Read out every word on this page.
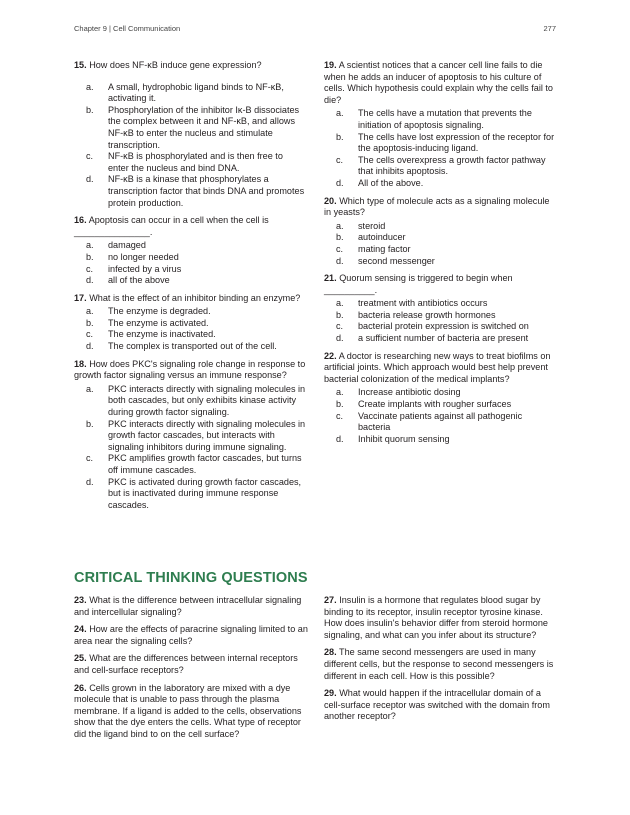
Chapter 9 | Cell Communication	277

15. How does NF-κB induce gene expression?

a.	A small, hydrophobic ligand binds to NF-κB, activating it.
b.	Phosphorylation of the inhibitor Iκ-B dissociates the complex between it and NF-κB, and allows NF-κB to enter the nucleus and stimulate transcription.
c.	NF-κB is phosphorylated and is then free to enter the nucleus and bind DNA.
d.	NF-κB is a kinase that phosphorylates a transcription factor that binds DNA and promotes protein production.

16. Apoptosis can occur in a cell when the cell is _______________.

a.	damaged
b.	no longer needed
c.	infected by a virus
d.	all of the above

17. What is the effect of an inhibitor binding an enzyme?

a.	The enzyme is degraded.
b.	The enzyme is activated.
c.	The enzyme is inactivated.
d.	The complex is transported out of the cell.

18. How does PKC's signaling role change in response to growth factor signaling versus an immune response?

a.	PKC interacts directly with signaling molecules in both cascades, but only exhibits kinase activity during growth factor signaling.
b.	PKC interacts directly with signaling molecules in growth factor cascades, but interacts with signaling inhibitors during immune signaling.
c.	PKC amplifies growth factor cascades, but turns off immune cascades.
d.	PKC is activated during growth factor cascades, but is inactivated during immune response cascades.

19. A scientist notices that a cancer cell line fails to die when he adds an inducer of apoptosis to his culture of cells. Which hypothesis could explain why the cells fail to die?

a.	The cells have a mutation that prevents the initiation of apoptosis signaling.
b.	The cells have lost expression of the receptor for the apoptosis-inducing ligand.
c.	The cells overexpress a growth factor pathway that inhibits apoptosis.
d.	All of the above.

20. Which type of molecule acts as a signaling molecule in yeasts?

a.	steroid
b.	autoinducer
c.	mating factor
d.	second messenger

21. Quorum sensing is triggered to begin when __________.

a.	treatment with antibiotics occurs
b.	bacteria release growth hormones
c.	bacterial protein expression is switched on
d.	a sufficient number of bacteria are present

22. A doctor is researching new ways to treat biofilms on artificial joints. Which approach would best help prevent bacterial colonization of the medical implants?

a.	Increase antibiotic dosing
b.	Create implants with rougher surfaces
c.	Vaccinate patients against all pathogenic bacteria
d.	Inhibit quorum sensing
CRITICAL THINKING QUESTIONS

23. What is the difference between intracellular signaling and intercellular signaling?

24. How are the effects of paracrine signaling limited to an area near the signaling cells?

25. What are the differences between internal receptors and cell-surface receptors?

26. Cells grown in the laboratory are mixed with a dye molecule that is unable to pass through the plasma membrane. If a ligand is added to the cells, observations show that the dye enters the cells. What type of receptor did the ligand bind to on the cell surface?

27. Insulin is a hormone that regulates blood sugar by binding to its receptor, insulin receptor tyrosine kinase. How does insulin's behavior differ from steroid hormone signaling, and what can you infer about its structure?

28. The same second messengers are used in many different cells, but the response to second messengers is different in each cell. How is this possible?

29. What would happen if the intracellular domain of a cell-surface receptor was switched with the domain from another receptor?
